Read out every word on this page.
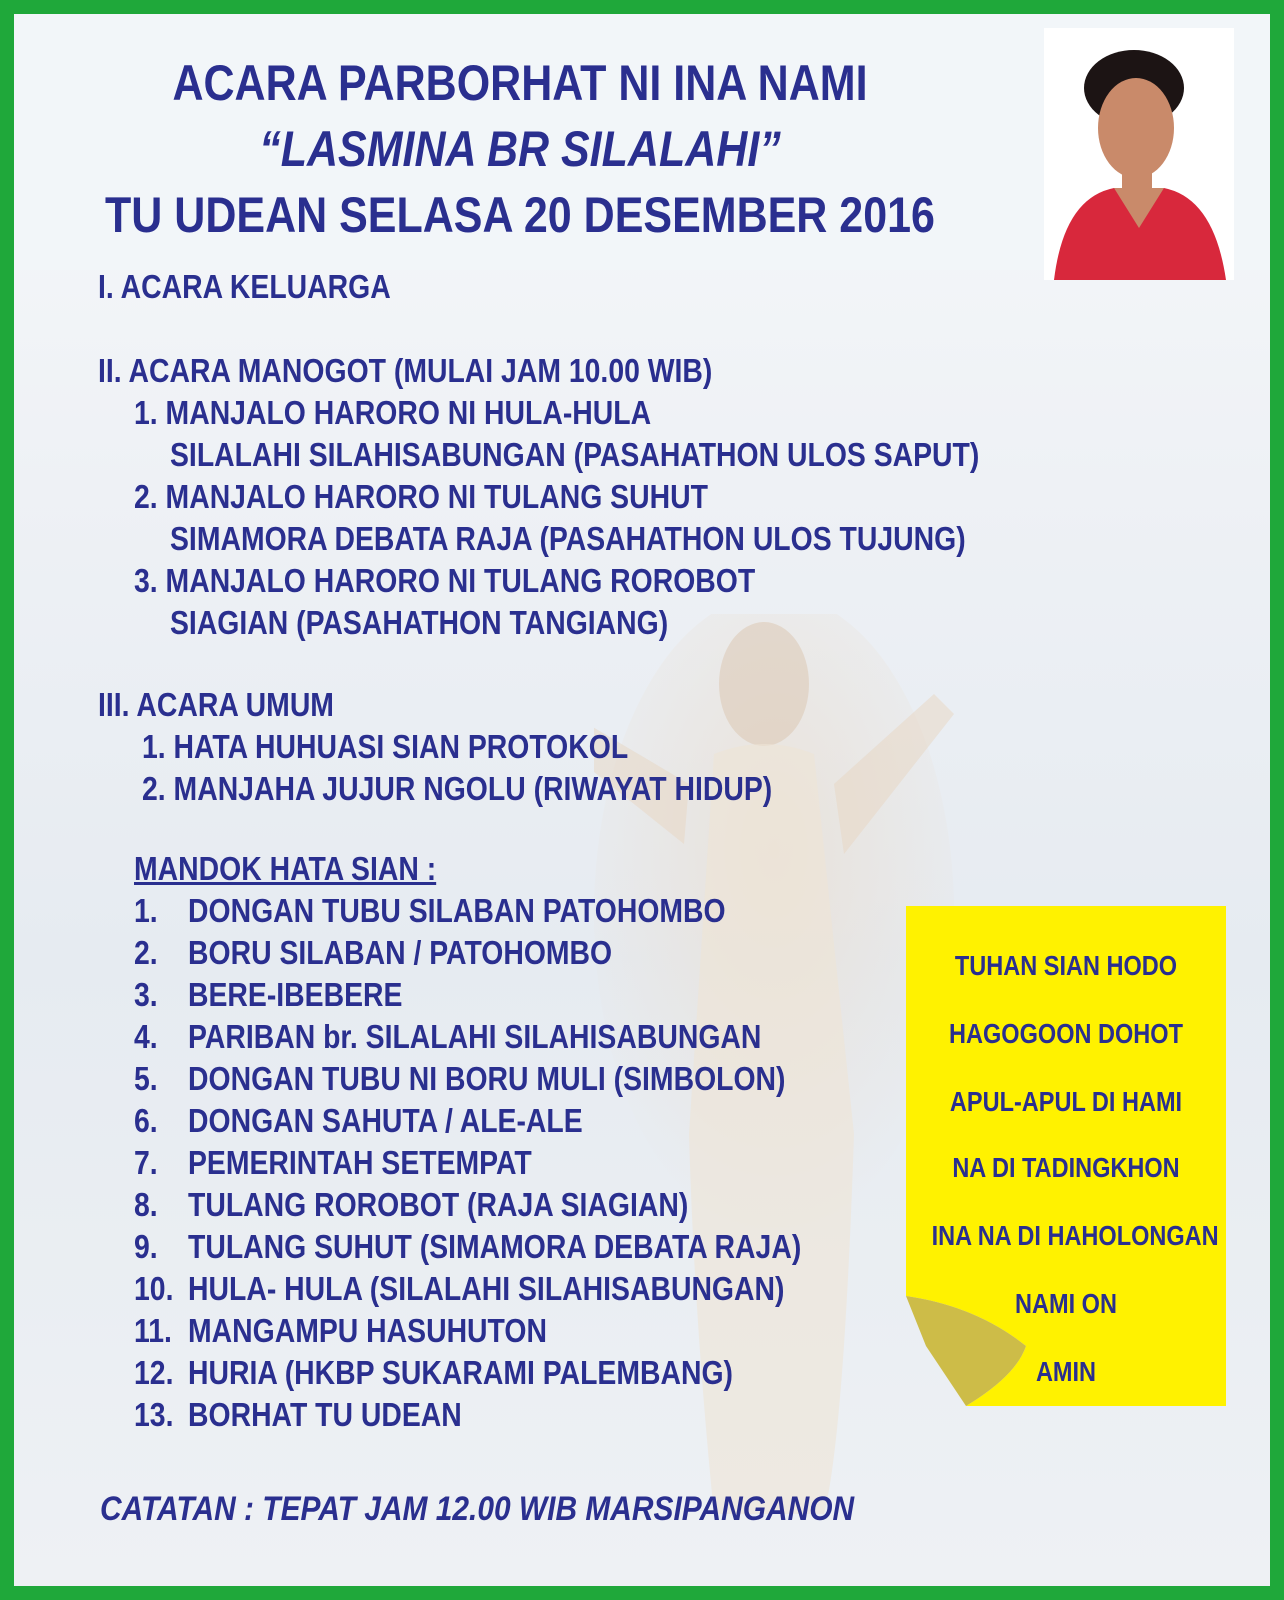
ACARA PARBORHAT NI INA NAMI
“LASMINA BR SILALAHI”
TU UDEAN SELASA 20 DESEMBER 2016
I. ACARA KELUARGA
II. ACARA MANOGOT (MULAI JAM 10.00 WIB)
1. MANJALO HARORO NI HULA-HULA
SILALAHI SILAHISABUNGAN (PASAHATHON ULOS SAPUT)
2. MANJALO HARORO NI TULANG SUHUT
SIMAMORA DEBATA RAJA (PASAHATHON ULOS TUJUNG)
3. MANJALO HARORO NI TULANG ROROBOT
SIAGIAN (PASAHATHON TANGIANG)
III. ACARA UMUM
1. HATA HUHUASI SIAN PROTOKOL
2. MANJAHA JUJUR NGOLU (RIWAYAT HIDUP)
MANDOK HATA SIAN :
1. DONGAN TUBU SILABAN PATOHOMBO
2. BORU SILABAN / PATOHOMBO
3. BERE-IBEBERE
4. PARIBAN br. SILALAHI SILAHISABUNGAN
5. DONGAN TUBU NI BORU MULI (SIMBOLON)
6. DONGAN SAHUTA / ALE-ALE
7. PEMERINTAH SETEMPAT
8. TULANG ROROBOT (RAJA SIAGIAN)
9. TULANG SUHUT (SIMAMORA DEBATA RAJA)
10. HULA- HULA (SILALAHI SILAHISABUNGAN)
11. MANGAMPU HASUHUTON
12. HURIA (HKBP SUKARAMI PALEMBANG)
13. BORHAT TU UDEAN
TUHAN SIAN HODO
HAGOGOON DOHOT
APUL-APUL DI HAMI
NA DI TADINGKHON
INA NA DI HAHOLONGAN
NAMI ON
AMIN
CATATAN : TEPAT JAM 12.00 WIB MARSIPANGANON
